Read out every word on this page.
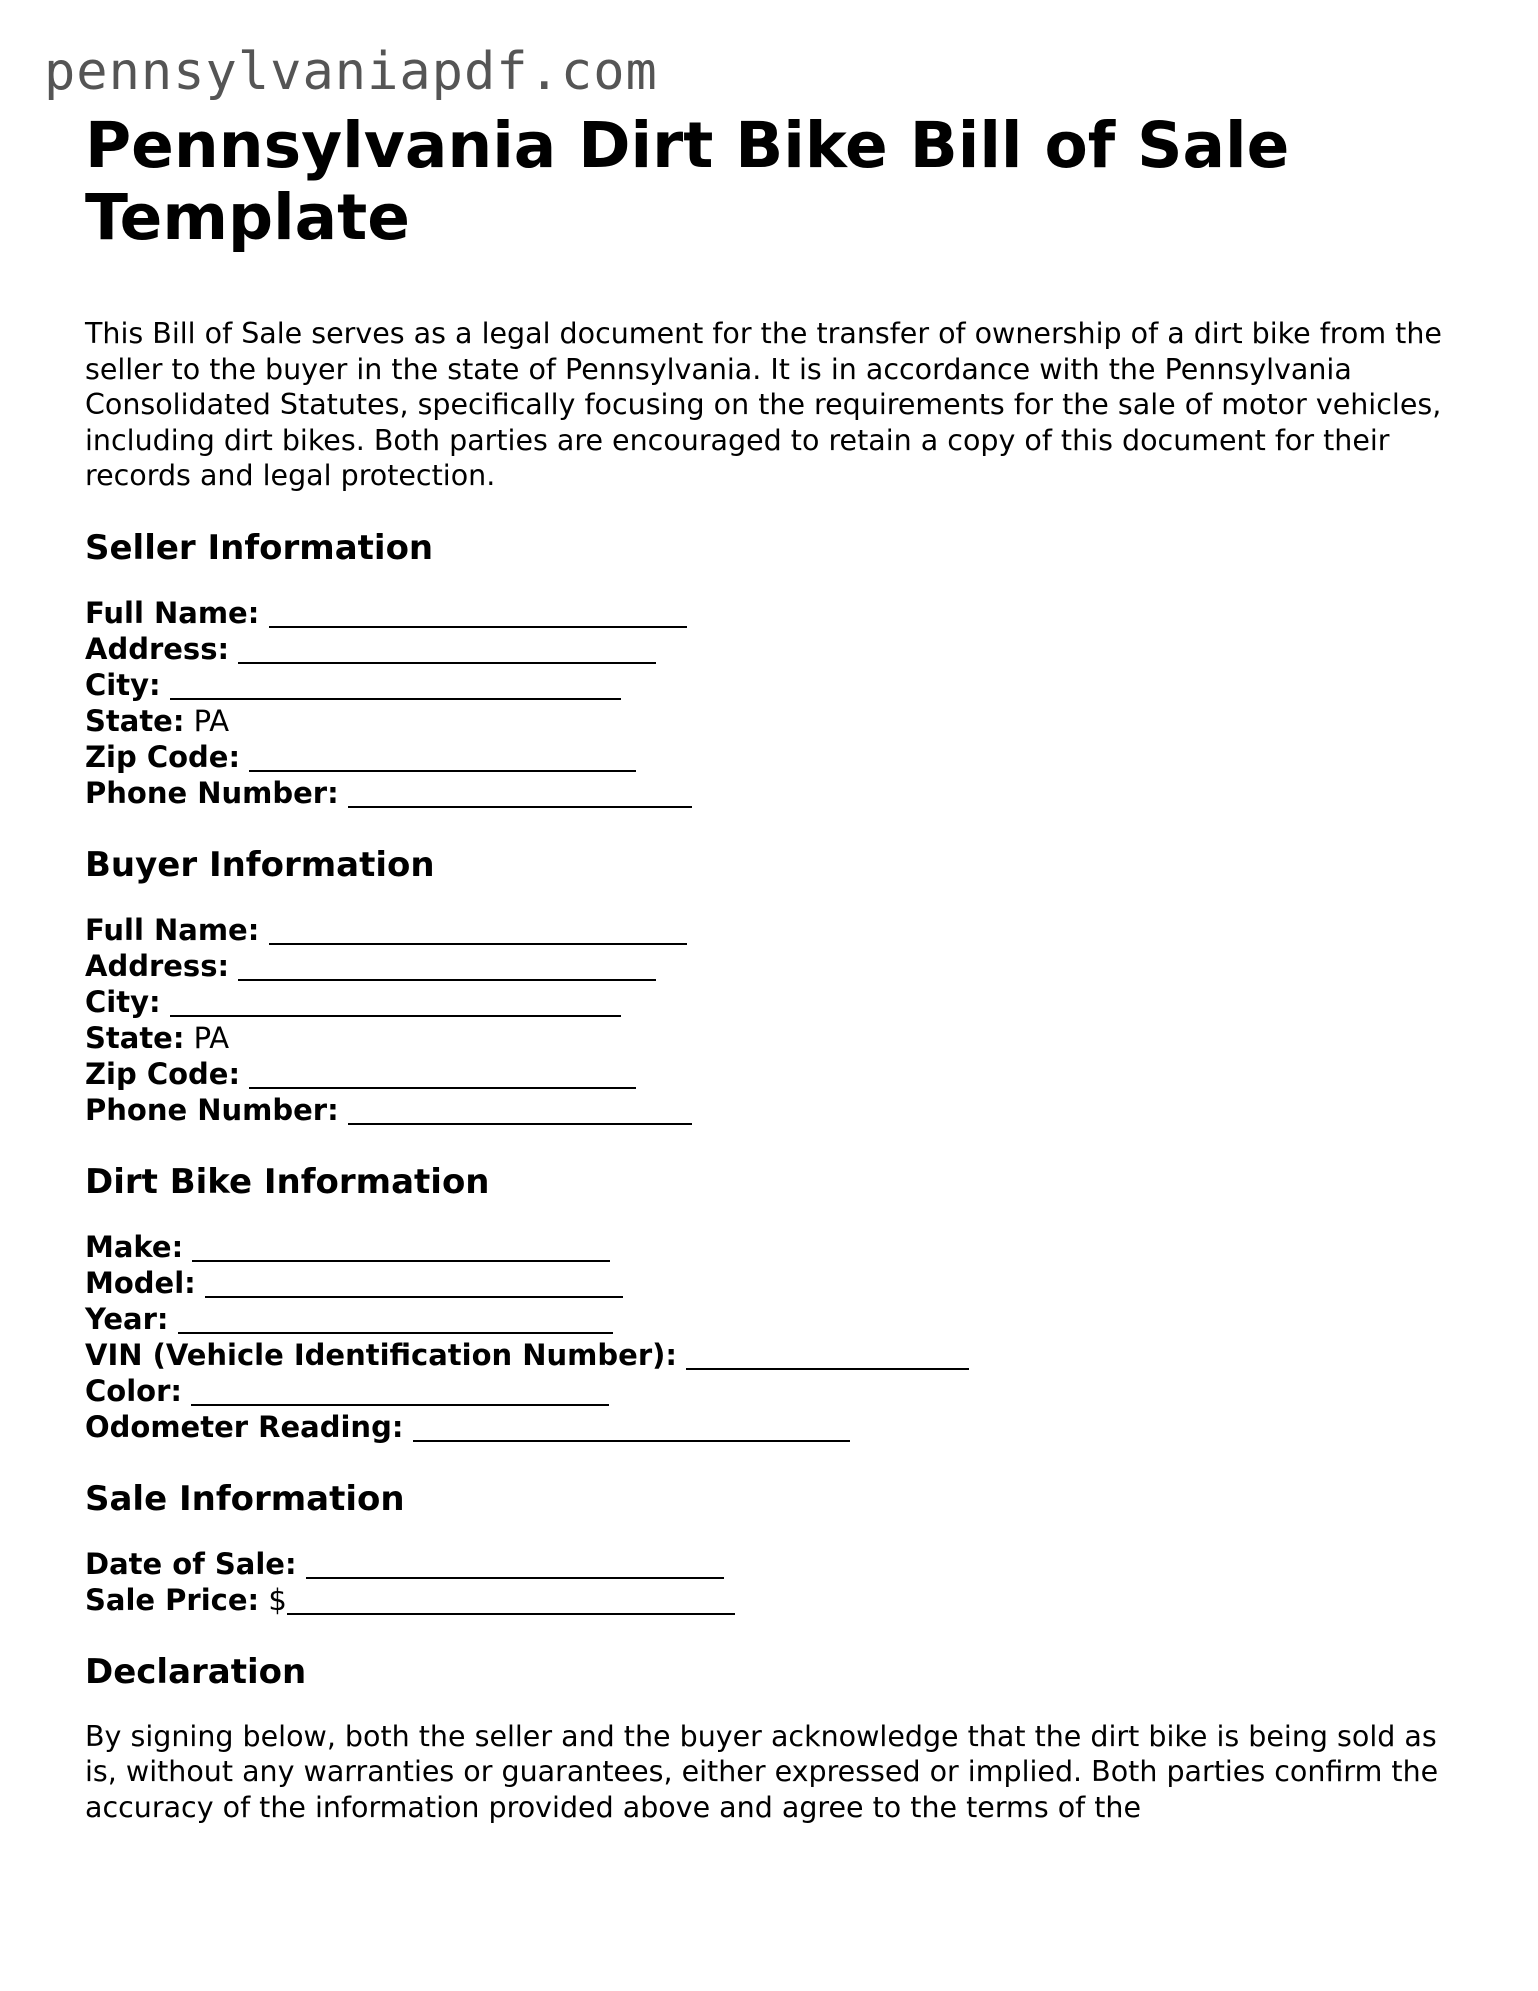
pennsylvaniapdf.com
Pennsylvania Dirt Bike Bill of Sale Template

This Bill of Sale serves as a legal document for the transfer of ownership of a dirt bike from the seller to the buyer in the state of Pennsylvania. It is in accordance with the Pennsylvania Consolidated Statutes, specifically focusing on the requirements for the sale of motor vehicles, including dirt bikes. Both parties are encouraged to retain a copy of this document for their records and legal protection.

Seller Information
Full Name:
Address:
City:
State: PA
Zip Code:
Phone Number:
Buyer Information
Full Name:
Address:
City:
State: PA
Zip Code:
Phone Number:
Dirt Bike Information
Make:
Model:
Year:
VIN (Vehicle Identification Number):
Color:
Odometer Reading:
Sale Information
Date of Sale:
Sale Price: $
Declaration
By signing below, both the seller and the buyer acknowledge that the dirt bike is being sold as is, without any warranties or guarantees, either expressed or implied. Both parties confirm the accuracy of the information provided above and agree to the terms of the
